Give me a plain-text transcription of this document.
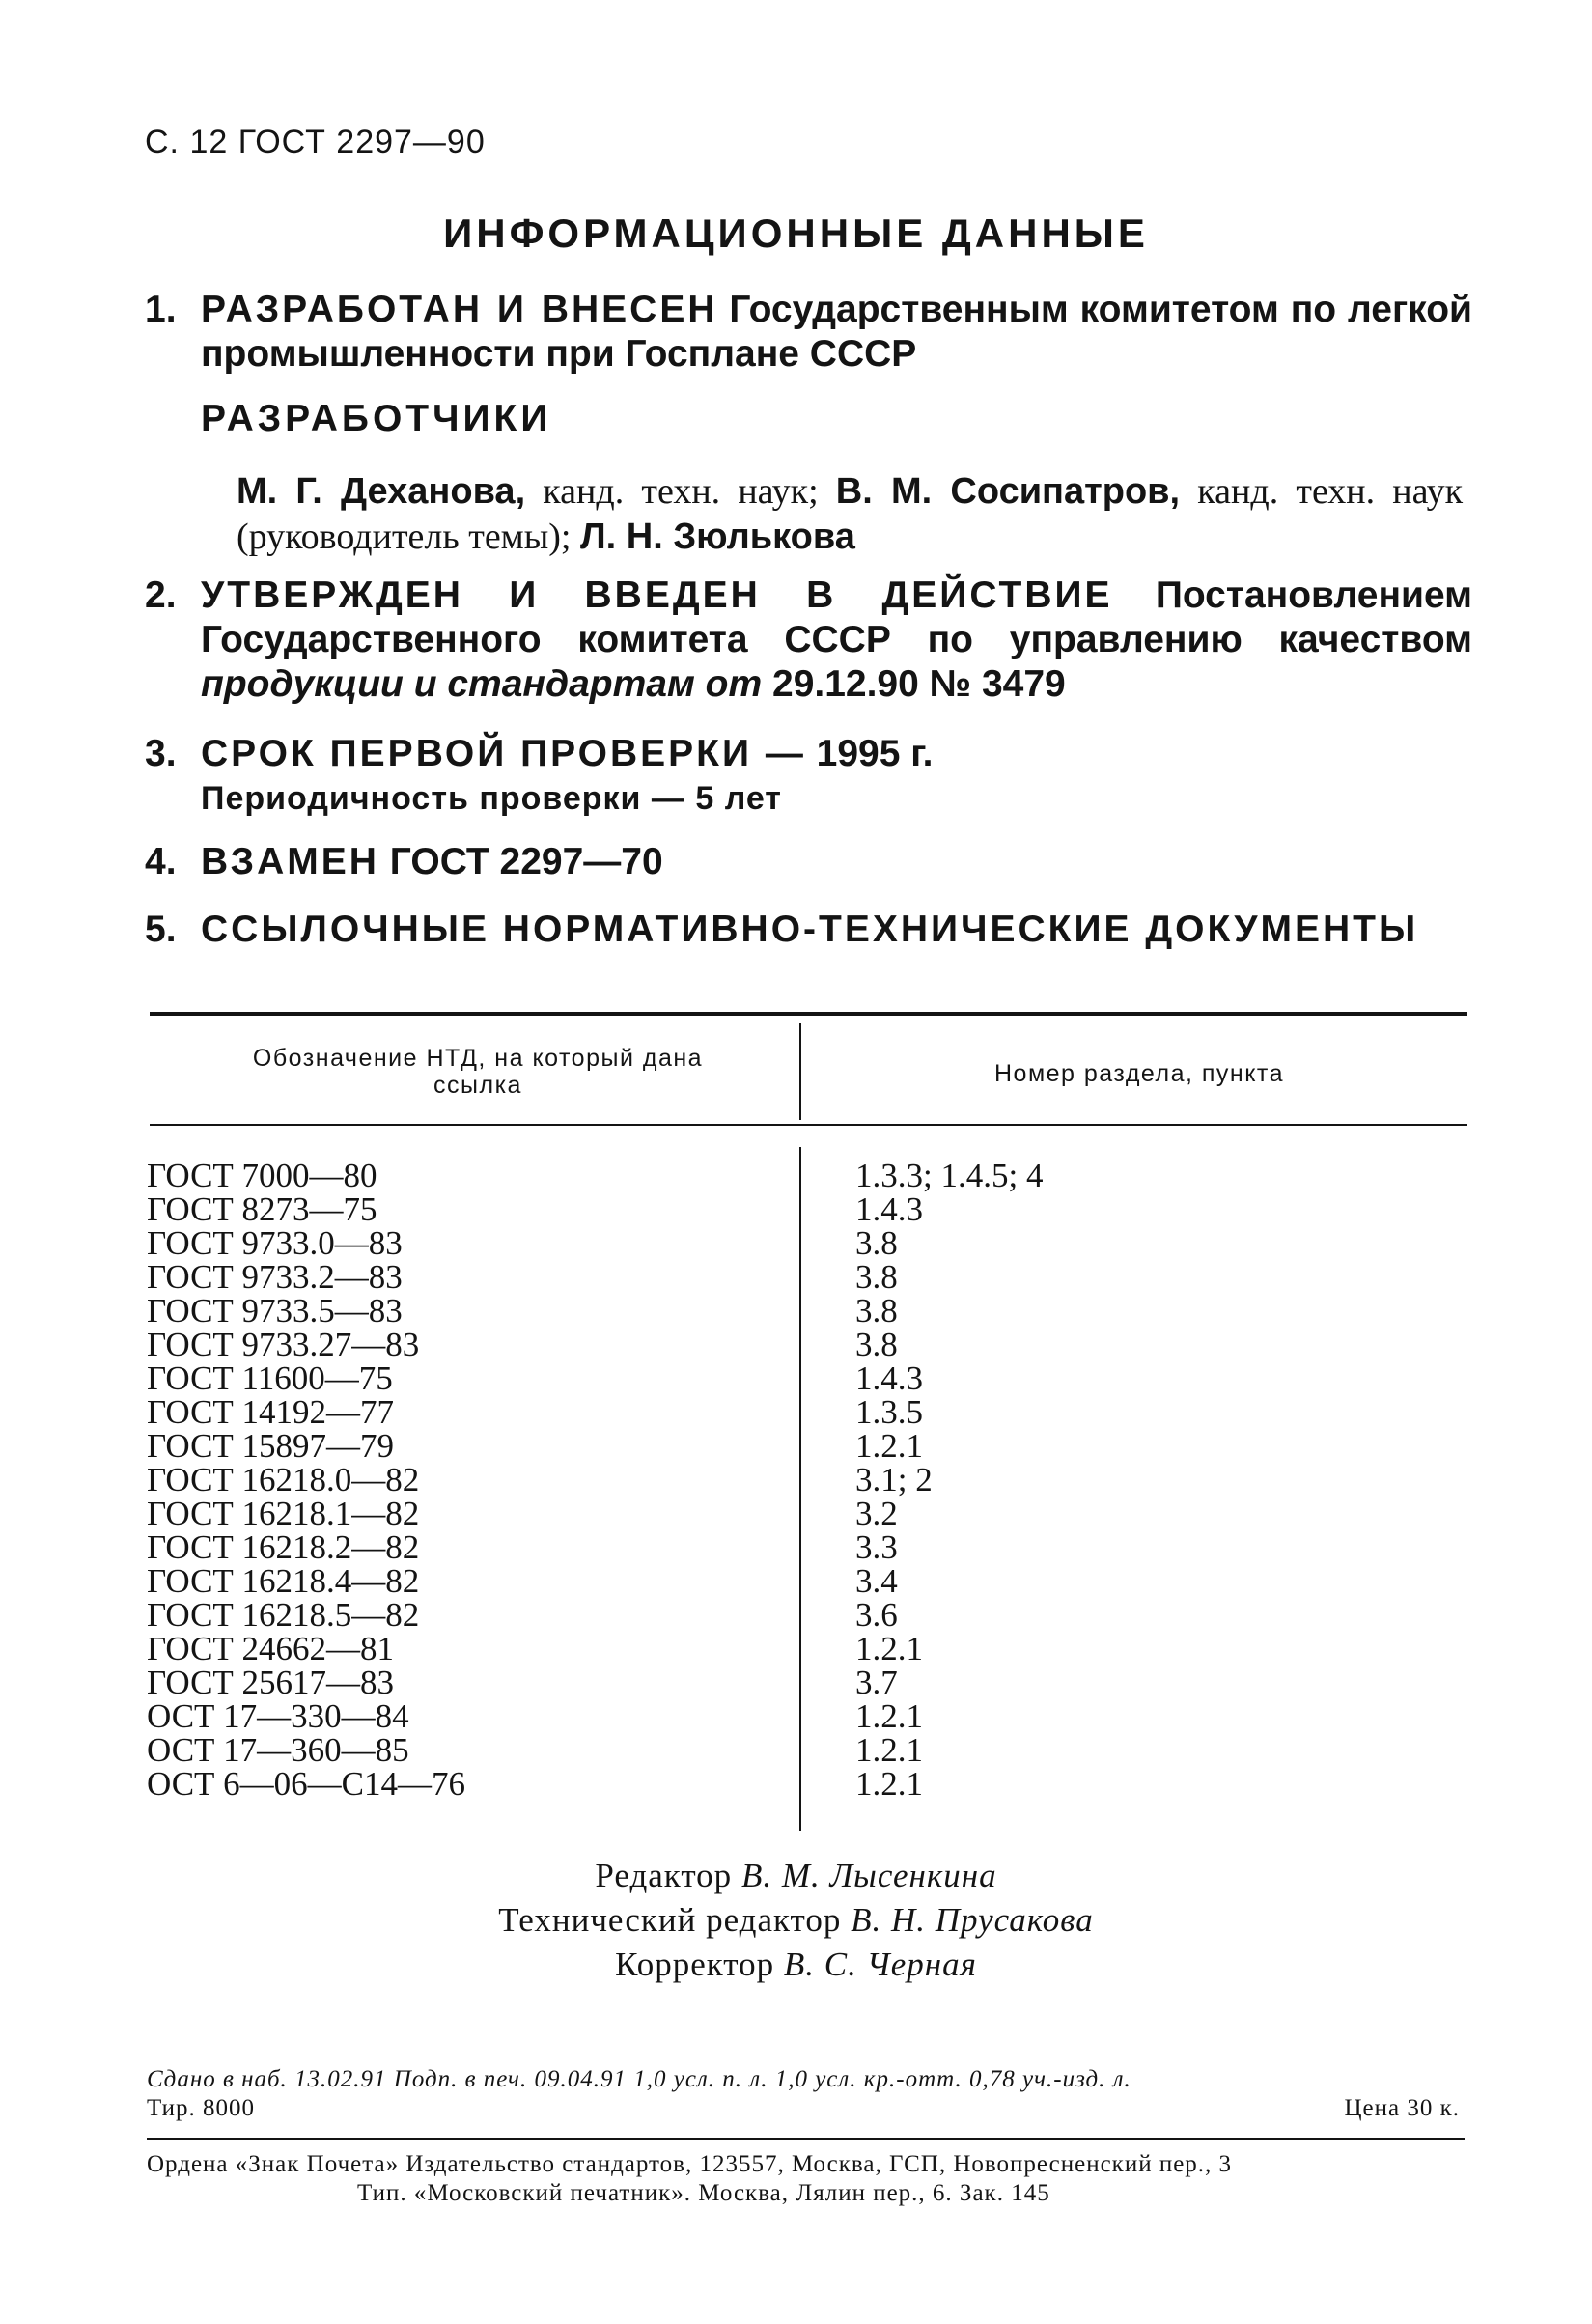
С. 12 ГОСТ 2297—90
ИНФОРМАЦИОННЫЕ ДАННЫЕ
1. РАЗРАБОТАН И ВНЕСЕН Государственным комитетом по легкой промышленности при Госплане СССР
РАЗРАБОТЧИКИ
М. Г. Деханова, канд. техн. наук; В. М. Сосипатров, канд. техн. наук (руководитель темы); Л. Н. Зюлькова
2. УТВЕРЖДЕН И ВВЕДЕН В ДЕЙСТВИЕ Постановлением Государственного комитета СССР по управлению качеством продукции и стандартам от 29.12.90 № 3479
3. СРОК ПЕРВОЙ ПРОВЕРКИ — 1995 г.
Периодичность проверки — 5 лет
4. ВЗАМЕН ГОСТ 2297—70
5. ССЫЛОЧНЫЕ НОРМАТИВНО-ТЕХНИЧЕСКИЕ ДОКУМЕНТЫ
Обозначение НТД, на который дана ссылка	Номер раздела, пункта
ГОСТ 7000—80	1.3.3; 1.4.5; 4
ГОСТ 8273—75	1.4.3
ГОСТ 9733.0—83	3.8
ГОСТ 9733.2—83	3.8
ГОСТ 9733.5—83	3.8
ГОСТ 9733.27—83	3.8
ГОСТ 11600—75	1.4.3
ГОСТ 14192—77	1.3.5
ГОСТ 15897—79	1.2.1
ГОСТ 16218.0—82	3.1; 2
ГОСТ 16218.1—82	3.2
ГОСТ 16218.2—82	3.3
ГОСТ 16218.4—82	3.4
ГОСТ 16218.5—82	3.6
ГОСТ 24662—81	1.2.1
ГОСТ 25617—83	3.7
ОСТ 17—330—84	1.2.1
ОСТ 17—360—85	1.2.1
ОСТ 6—06—С14—76	1.2.1
Редактор В. М. Лысенкина
Технический редактор В. Н. Прусакова
Корректор В. С. Черная
Сдано в наб. 13.02.91 Подп. в печ. 09.04.91 1,0 усл. п. л. 1,0 усл. кр.-отт. 0,78 уч.-изд. л.
Тир. 8000	Цена 30 к.
Ордена «Знак Почета» Издательство стандартов, 123557, Москва, ГСП, Новопресненский пер., 3
Тип. «Московский печатник». Москва, Лялин пер., 6. Зак. 145
